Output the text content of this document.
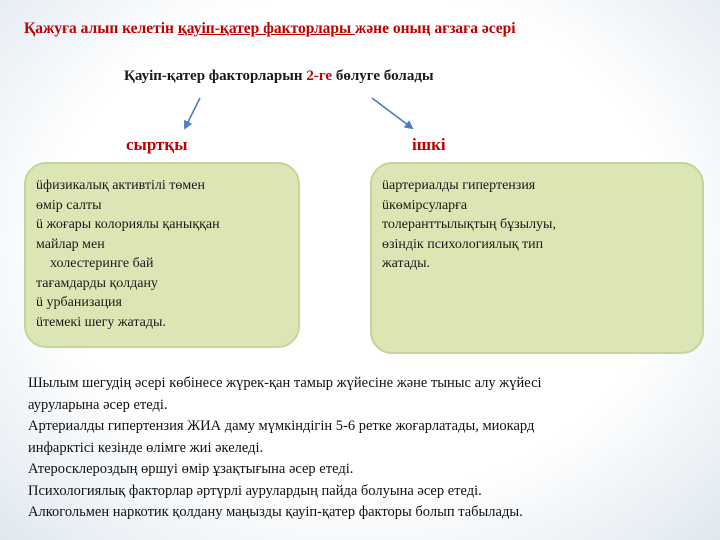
Қажуға алып келетін қауіп-қатер факторлары және оның ағзаға әсері
Қауіп-қатер факторларын 2-ге бөлуге болады
сыртқы	ішкі
üфизикалық активтілі төмен
өмір салты
ü жоғары колориялы қаныққан
майлар мен
холестеринге бай
тағамдарды қолдану
ü урбанизация
üтемекі шегу жатады.
üартериалды гипертензия
üкөмірсуларға
толеранттылықтың бұзылуы,
өзіндік психологиялық тип
жатады.
Шылым шегудің әсері көбінесе жүрек-қан тамыр жүйесіне және тыныс алу жүйесі
ауруларына әсер етеді.
Артериалды гипертензия ЖИА даму мүмкіндігін 5-6 ретке жоғарлатады, миокард
инфарктісі кезінде өлімге жиі әкеледі.
Атеросклероздың өршуі өмір ұзақтығына әсер етеді.
Психологиялық факторлар әртүрлі аурулардың пайда болуына әсер етеді.
Алкогольмен наркотик қолдану маңызды қауіп-қатер факторы болып табылады.
